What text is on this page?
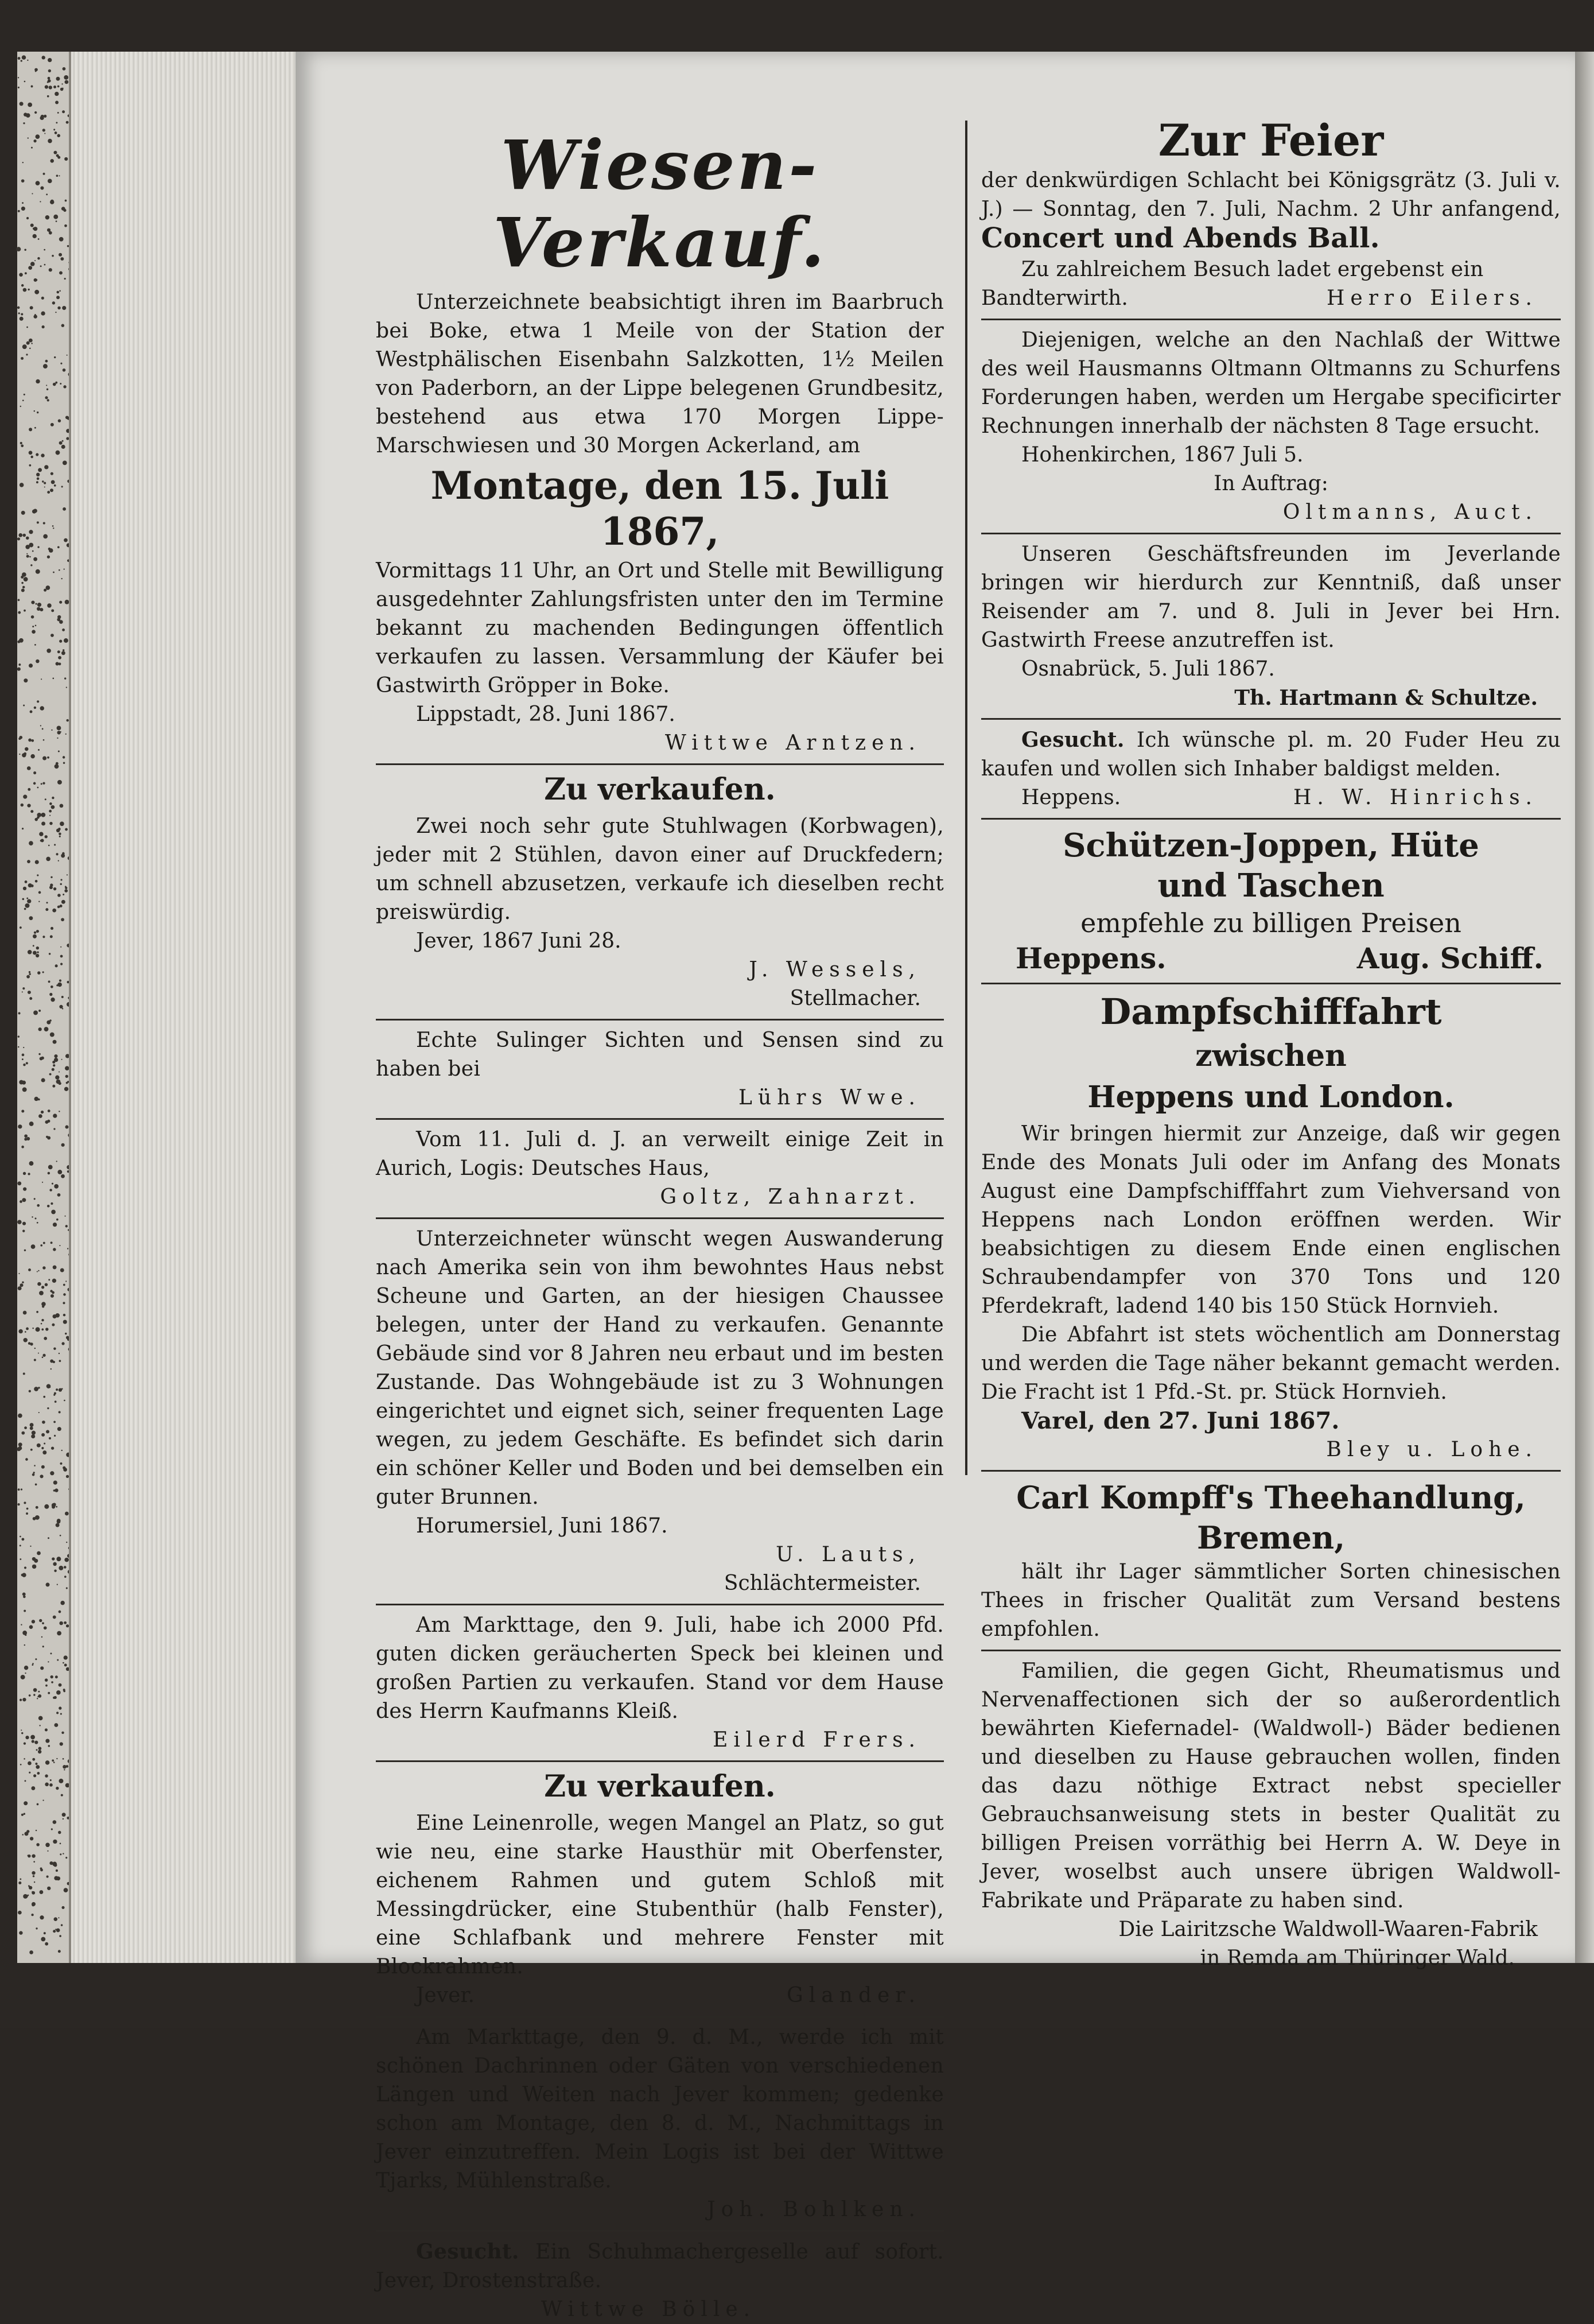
Wiesen-Verkauf.

Unterzeichnete beabsichtigt ihren im Baarbruch bei Boke, etwa 1 Meile von der Station der Westphälischen Eisenbahn Salzkotten, 1½ Meilen von Paderborn, an der Lippe belegenen Grundbesitz, bestehend aus etwa 170 Morgen Lippe-Marschwiesen und 30 Morgen Ackerland, am

Montage, den 15. Juli 1867,

Vormittags 11 Uhr, an Ort und Stelle mit Bewilligung ausgedehnter Zahlungsfristen unter den im Termine bekannt zu machenden Bedingungen öffentlich verkaufen zu lassen. Versammlung der Käufer bei Gastwirth Gröpper in Boke.

Lippstadt, 28. Juni 1867.
Wittwe Arntzen.
Zu verkaufen.

Zwei noch sehr gute Stuhlwagen (Korbwagen), jeder mit 2 Stühlen, davon einer auf Druckfedern; um schnell abzusetzen, verkaufe ich dieselben recht preiswürdig.

Jever, 1867 Juni 28.
J. Wessels,
Stellmacher.

Echte Sulinger Sichten und Sensen sind zu haben bei

Lührs Wwe.

Vom 11. Juli d. J. an verweilt einige Zeit in Aurich, Logis: Deutsches Haus,

Goltz, Zahnarzt.

Unterzeichneter wünscht wegen Auswanderung nach Amerika sein von ihm bewohntes Haus nebst Scheune und Garten, an der hiesigen Chaussee belegen, unter der Hand zu verkaufen. Genannte Gebäude sind vor 8 Jahren neu erbaut und im besten Zustande. Das Wohngebäude ist zu 3 Wohnungen eingerichtet und eignet sich, seiner frequenten Lage wegen, zu jedem Geschäfte. Es befindet sich darin ein schöner Keller und Boden und bei demselben ein guter Brunnen.

Horumersiel, Juni 1867.
U. Lauts,
Schlächtermeister.

Am Markttage, den 9. Juli, habe ich 2000 Pfd. guten dicken geräucherten Speck bei kleinen und großen Partien zu verkaufen. Stand vor dem Hause des Herrn Kaufmanns Kleiß.

Eilerd Frers.
Zu verkaufen.

Eine Leinenrolle, wegen Mangel an Platz, so gut wie neu, eine starke Hausthür mit Oberfenster, eichenem Rahmen und gutem Schloß mit Messingdrücker, eine Stubenthür (halb Fenster), eine Schlafbank und mehrere Fenster mit Blockrahmen.

Jever.	Glander.

Am Markttage, den 9. d. M., werde ich mit schönen Dachrinnen oder Gäten von verschiedenen Längen und Weiten nach Jever kommen; gedenke schon am Montage, den 8. d. M., Nachmittags in Jever einzutreffen. Mein Logis ist bei der Wittwe Tjarks, Mühlenstraße.

Joh. Bohlken.

Gesucht. Ein Schuhmachergeselle auf sofort. Jever, Drostenstraße.

Wittwe Bölle.
Zur Feier

der denkwürdigen Schlacht bei Königsgrätz (3. Juli v. J.) — Sonntag, den 7. Juli, Nachm. 2 Uhr anfangend, Concert und Abends Ball.

Zu zahlreichem Besuch ladet ergebenst ein

Bandterwirth.	Herro Eilers.

Diejenigen, welche an den Nachlaß der Wittwe des weil Hausmanns Oltmann Oltmanns zu Schurfens Forderungen haben, werden um Hergabe specificirter Rechnungen innerhalb der nächsten 8 Tage ersucht.

Hohenkirchen, 1867 Juli 5.
In Auftrag:
Oltmanns, Auct.

Unseren Geschäftsfreunden im Jeverlande bringen wir hierdurch zur Kenntniß, daß unser Reisender am 7. und 8. Juli in Jever bei Hrn. Gastwirth Freese anzutreffen ist.

Osnabrück, 5. Juli 1867.
Th. Hartmann & Schultze.

Gesucht. Ich wünsche pl. m. 20 Fuder Heu zu kaufen und wollen sich Inhaber baldigst melden.

Heppens.	H. W. Hinrichs.
Schützen-Joppen, Hüte
und Taschen
empfehle zu billigen Preisen
Heppens.	Aug. Schiff.
Dampfschifffahrt
zwischen
Heppens und London.

Wir bringen hiermit zur Anzeige, daß wir gegen Ende des Monats Juli oder im Anfang des Monats August eine Dampfschifffahrt zum Viehversand von Heppens nach London eröffnen werden. Wir beabsichtigen zu diesem Ende einen englischen Schraubendampfer von 370 Tons und 120 Pferdekraft, ladend 140 bis 150 Stück Hornvieh.

Die Abfahrt ist stets wöchentlich am Donnerstag und werden die Tage näher bekannt gemacht werden. Die Fracht ist 1 Pfd.-St. pr. Stück Hornvieh.

Varel, den 27. Juni 1867.
Bley u. Lohe.
Carl Kompff's Theehandlung,
Bremen,

hält ihr Lager sämmtlicher Sorten chinesischen Thees in frischer Qualität zum Versand bestens empfohlen.

Familien, die gegen Gicht, Rheumatismus und Nervenaffectionen sich der so außerordentlich bewährten Kiefernadel- (Waldwoll-) Bäder bedienen und dieselben zu Hause gebrauchen wollen, finden das dazu nöthige Extract nebst specieller Gebrauchsanweisung stets in bester Qualität zu billigen Preisen vorräthig bei Herrn A. W. Deye in Jever, woselbst auch unsere übrigen Waldwoll-Fabrikate und Präparate zu haben sind.

Die Lairitzsche Waldwoll-Waaren-Fabrik
in Remda am Thüringer Wald.
